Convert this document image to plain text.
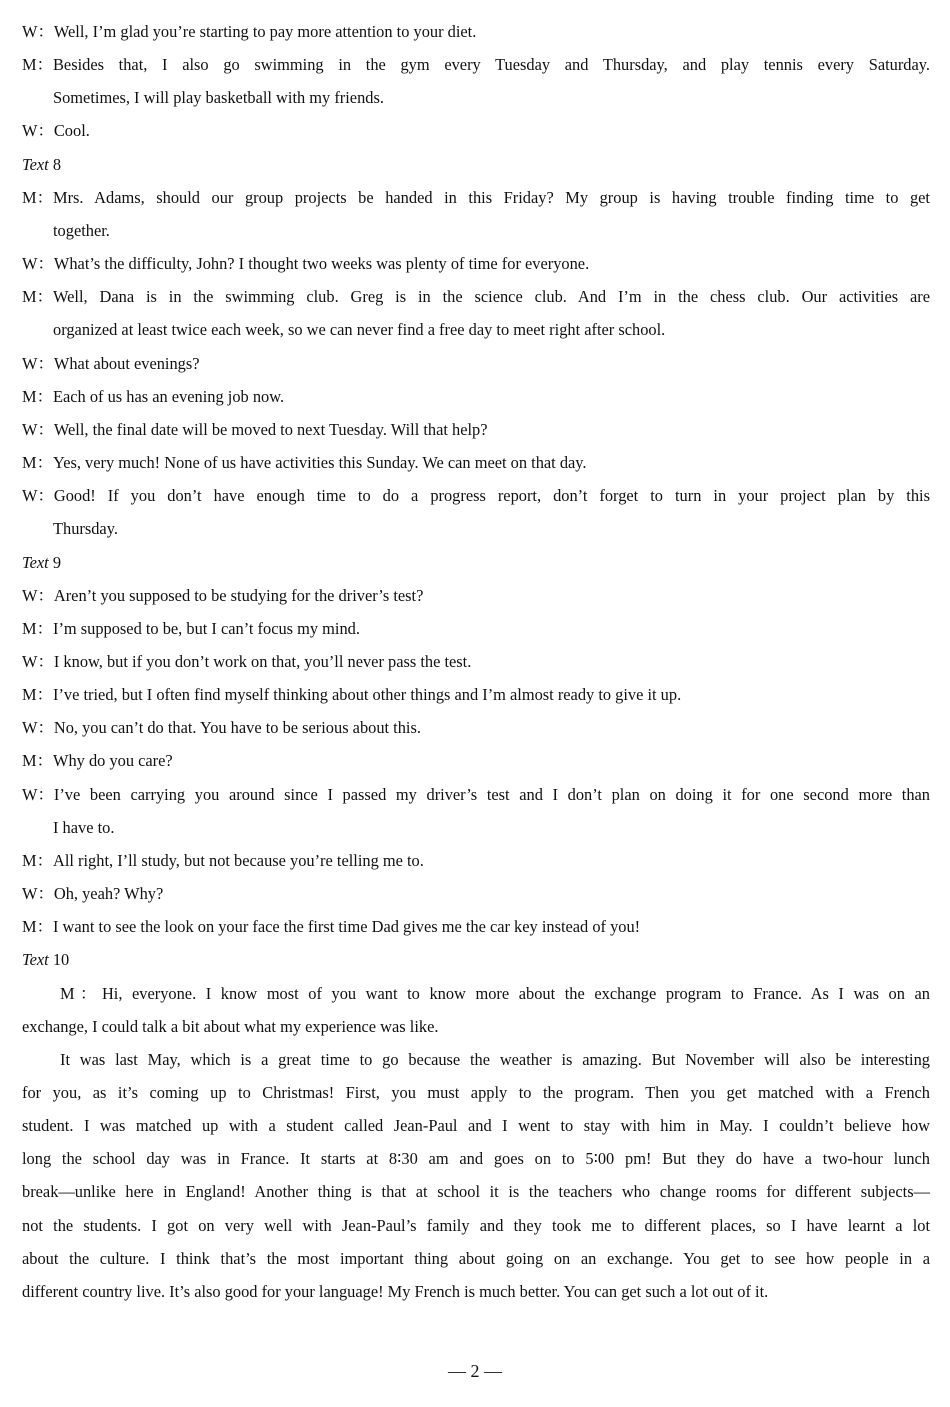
W：Well, I’m glad you’re starting to pay more attention to your diet.
M：Besides that, I also go swimming in the gym every Tuesday and Thursday, and play tennis every Saturday.
Sometimes, I will play basketball with my friends.
W：Cool.
Text 8
M：Mrs. Adams, should our group projects be handed in this Friday? My group is having trouble finding time to get
together.
W：What’s the difficulty, John? I thought two weeks was plenty of time for everyone.
M：Well, Dana is in the swimming club. Greg is in the science club. And I’m in the chess club. Our activities are
organized at least twice each week, so we can never find a free day to meet right after school.
W：What about evenings?
M：Each of us has an evening job now.
W：Well, the final date will be moved to next Tuesday. Will that help?
M：Yes, very much! None of us have activities this Sunday. We can meet on that day.
W：Good! If you don’t have enough time to do a progress report, don’t forget to turn in your project plan by this
Thursday.
Text 9
W：Aren’t you supposed to be studying for the driver’s test?
M：I’m supposed to be, but I can’t focus my mind.
W：I know, but if you don’t work on that, you’ll never pass the test.
M：I’ve tried, but I often find myself thinking about other things and I’m almost ready to give it up.
W：No, you can’t do that. You have to be serious about this.
M：Why do you care?
W：I’ve been carrying you around since I passed my driver’s test and I don’t plan on doing it for one second more than
I have to.
M：All right, I’ll study, but not because you’re telling me to.
W：Oh, yeah? Why?
M：I want to see the look on your face the first time Dad gives me the car key instead of you!
Text 10
M：Hi, everyone. I know most of you want to know more about the exchange program to France. As I was on an
exchange, I could talk a bit about what my experience was like.
It was last May, which is a great time to go because the weather is amazing. But November will also be interesting
for you, as it’s coming up to Christmas! First, you must apply to the program. Then you get matched with a French
student. I was matched up with a student called Jean-Paul and I went to stay with him in May. I couldn’t believe how
long the school day was in France. It starts at 8∶30 am and goes on to 5∶00 pm! But they do have a two-hour lunch
break—unlike here in England! Another thing is that at school it is the teachers who change rooms for different subjects—
not the students. I got on very well with Jean-Paul’s family and they took me to different places, so I have learnt a lot
about the culture. I think that’s the most important thing about going on an exchange. You get to see how people in a
different country live. It’s also good for your language! My French is much better. You can get such a lot out of it.
— 2 —
